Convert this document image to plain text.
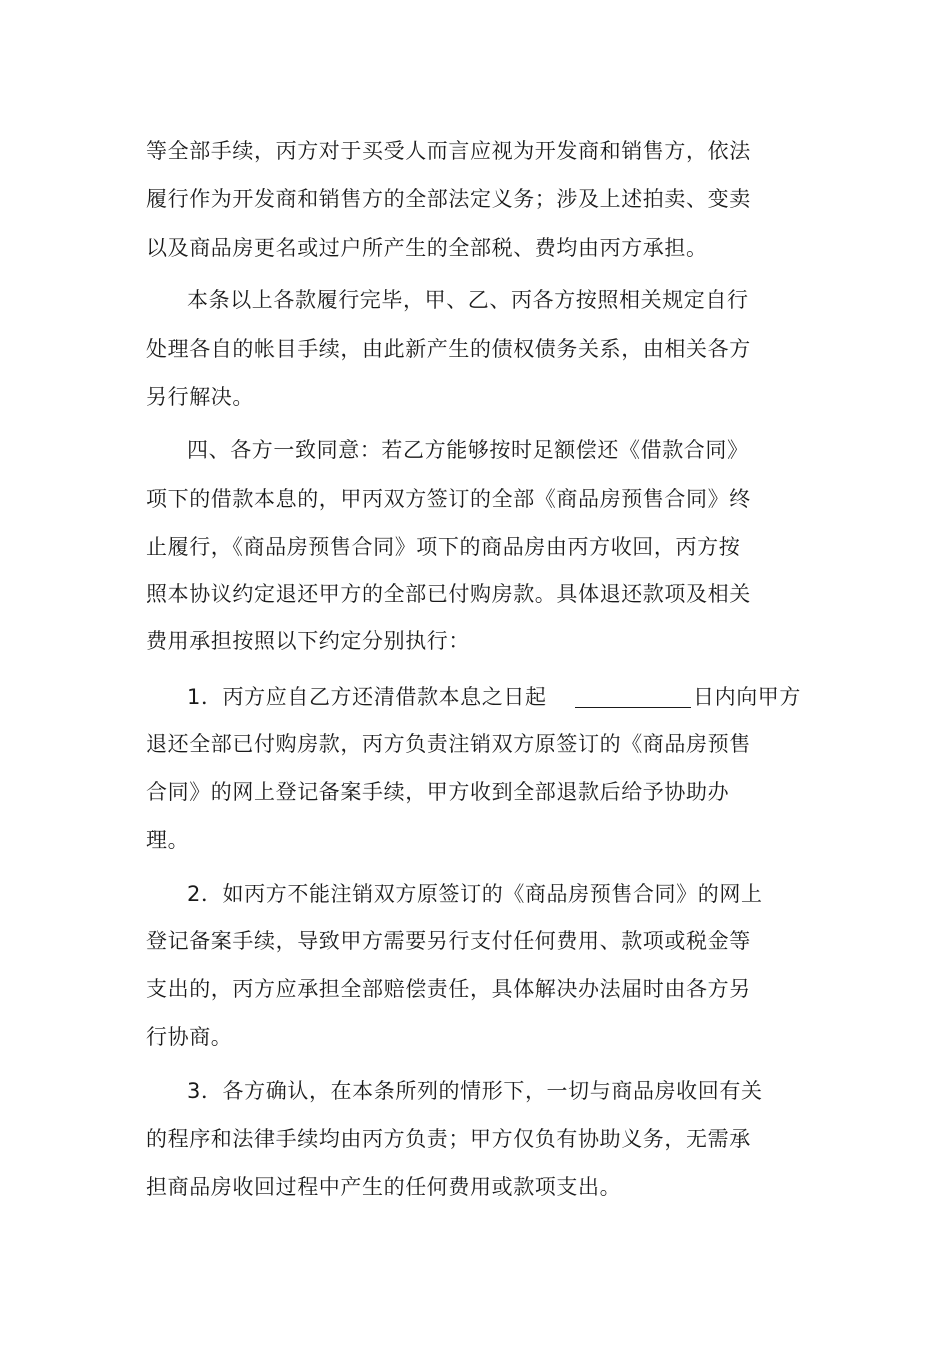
等全部手续，丙方对于买受人而言应视为开发商和销售方，依法
履行作为开发商和销售方的全部法定义务；涉及上述拍卖、变卖
以及商品房更名或过户所产生的全部税、费均由丙方承担。
本条以上各款履行完毕，甲、乙、丙各方按照相关规定自行
处理各自的帐目手续，由此新产生的债权债务关系，由相关各方
另行解决。
四、各方一致同意：若乙方能够按时足额偿还《借款合同》
项下的借款本息的，甲丙双方签订的全部《商品房预售合同》终
止履行，《商品房预售合同》项下的商品房由丙方收回，丙方按
照本协议约定退还甲方的全部已付购房款。具体退还款项及相关
费用承担按照以下约定分别执行：
1．丙方应自乙方还清借款本息之日起	日内向甲方
退还全部已付购房款，丙方负责注销双方原签订的《商品房预售
合同》的网上登记备案手续，甲方收到全部退款后给予协助办
理。
2．如丙方不能注销双方原签订的《商品房预售合同》的网上
登记备案手续，导致甲方需要另行支付任何费用、款项或税金等
支出的，丙方应承担全部赔偿责任，具体解决办法届时由各方另
行协商。
3．各方确认，在本条所列的情形下，一切与商品房收回有关
的程序和法律手续均由丙方负责；甲方仅负有协助义务，无需承
担商品房收回过程中产生的任何费用或款项支出。
